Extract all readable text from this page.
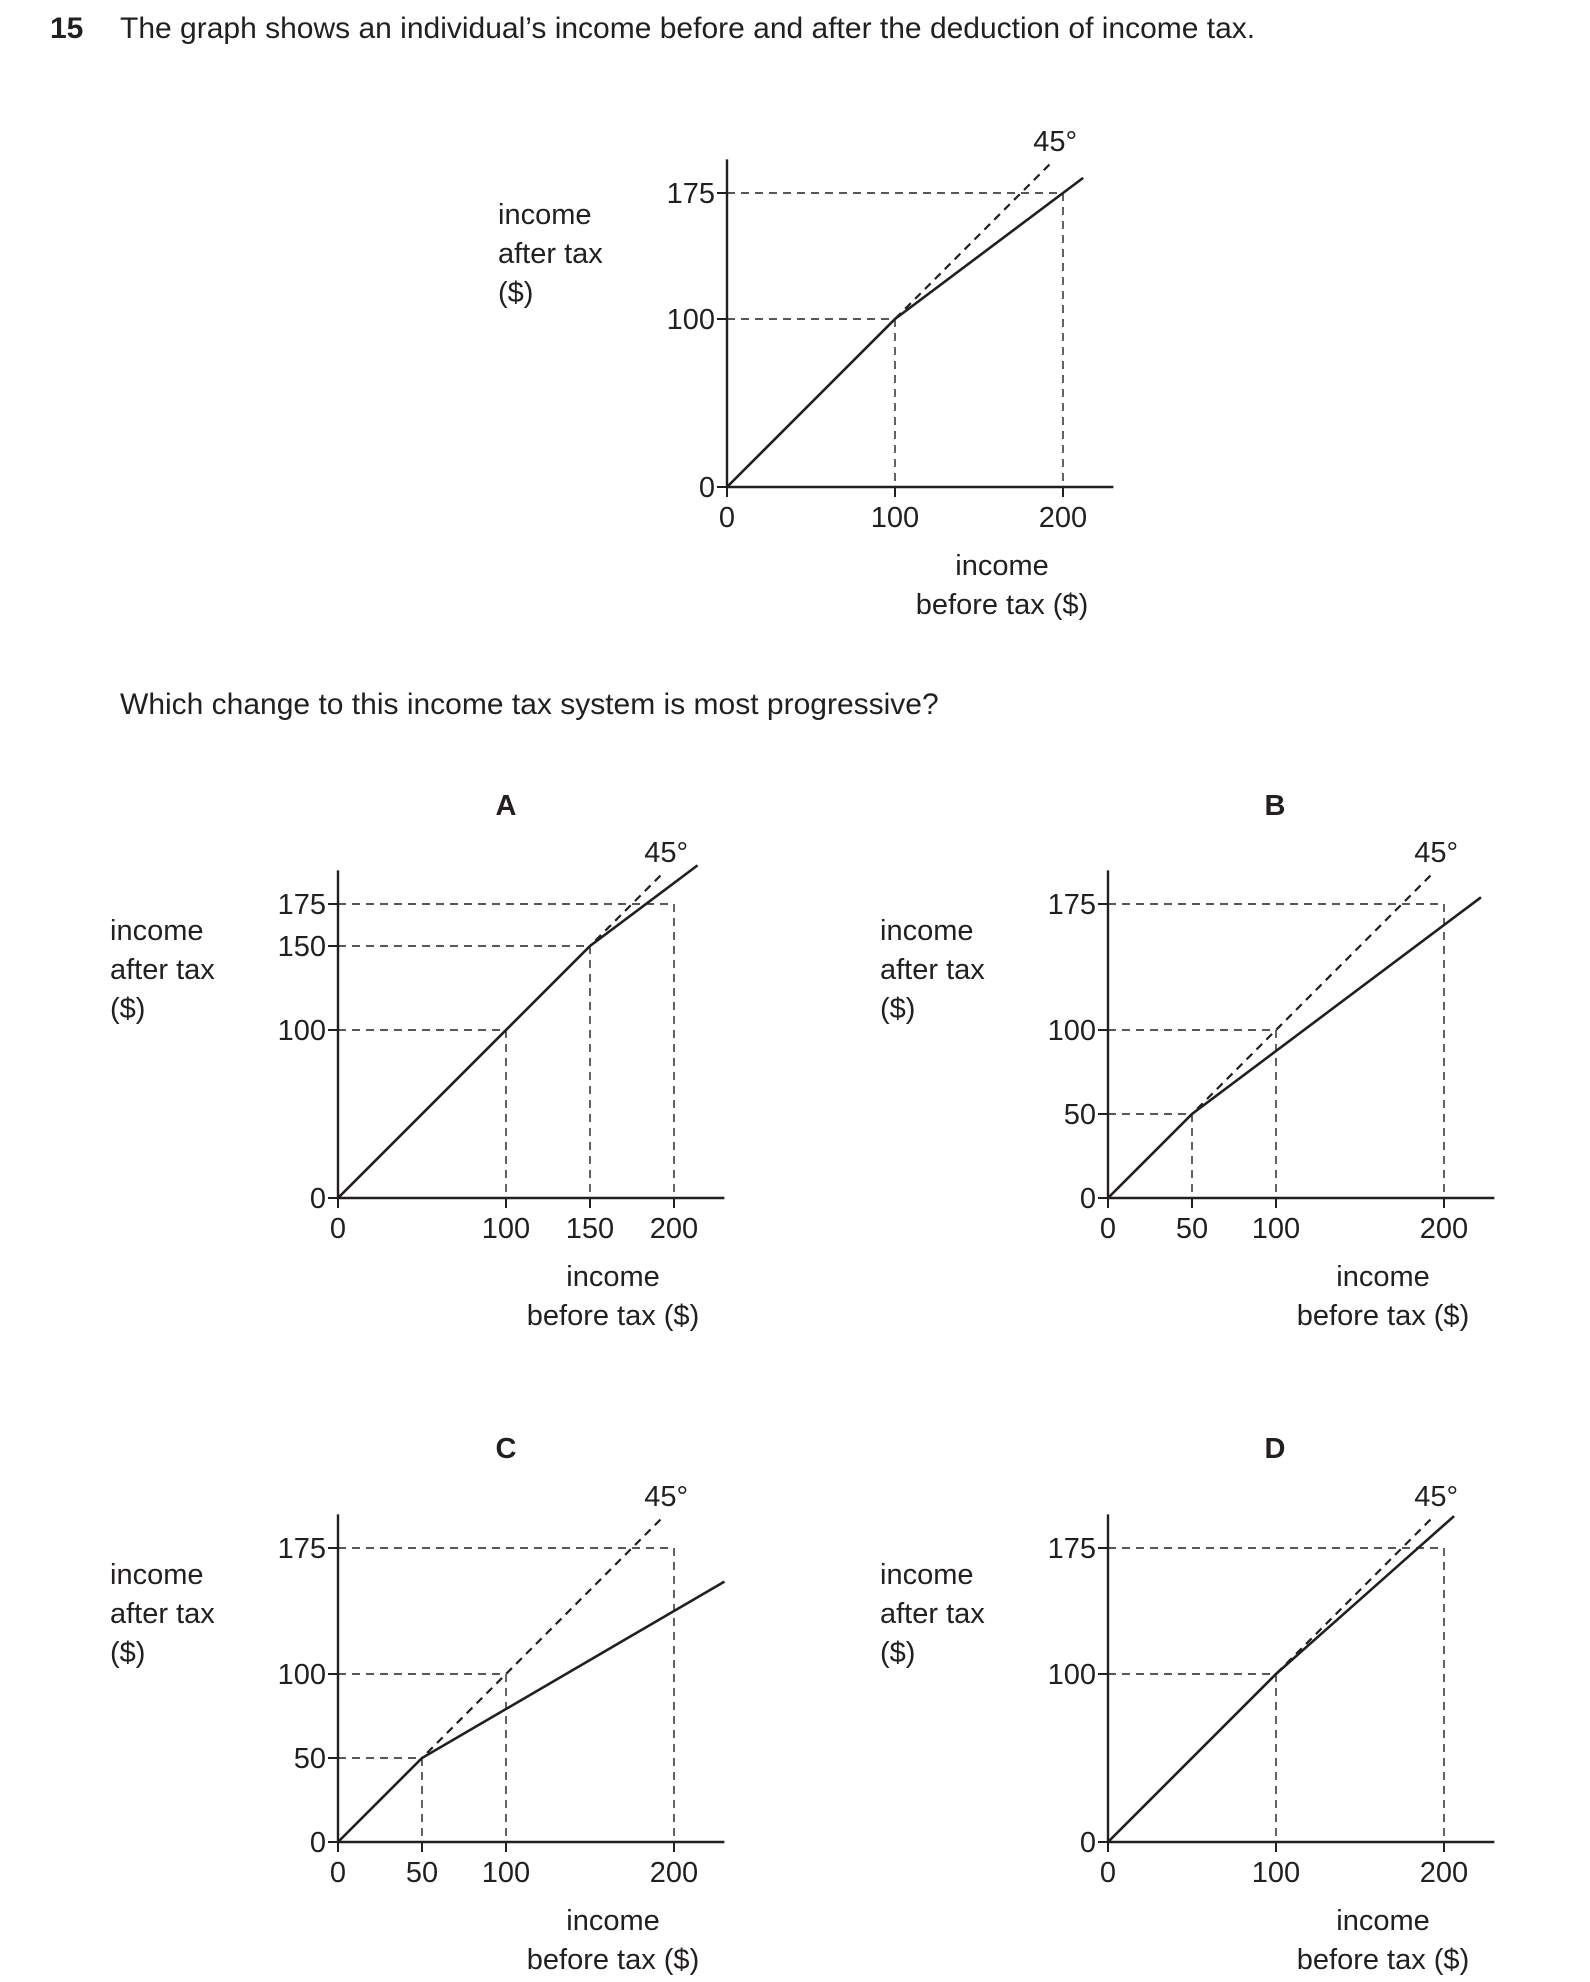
15 The graph shows an individual’s income before and after the deduction of income tax.
Which change to this income tax system is most progressive?
income
after tax
($)
income
after tax
($)
income
after tax
($)
income
after tax
($)
income
after tax
($)
A	B
C	D
45°
0
100
175
0	100	200
income
before tax ($)
45°
0
100
150
175
0	100 150 200
income
before tax ($)
45°
0
50
100
175
0 50 100	200
income
before tax ($)
45°
0
50
100
175
0 50 100	200
income
before tax ($)
45°
0
100
175
0	100	200
income
before tax ($)
